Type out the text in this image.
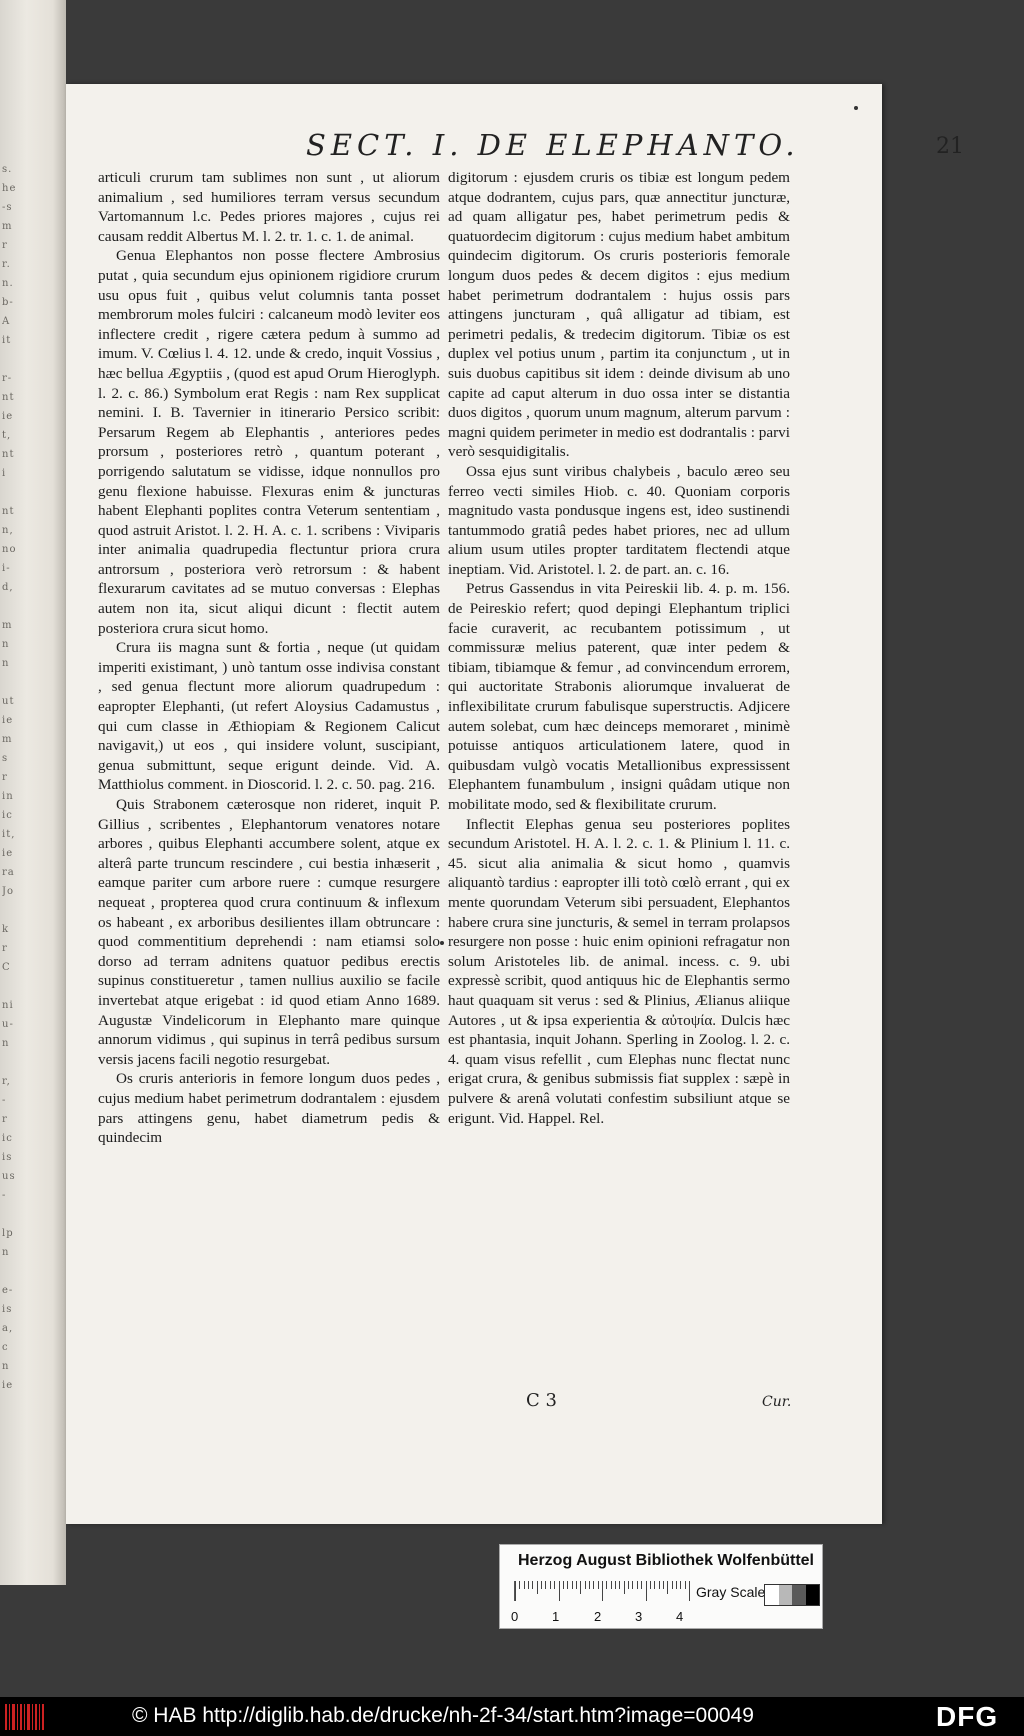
s.
he
-s
m
r
r.
n.
b-
A
it

r-
nt
ie
t,
nt
i

nt
n,
no
i-
d,

m
n
n

ut
ie
m
s
r
in
ic
it,
ie
ra
Jo

k
r
C

ni
u-
n

r,
-
r
ic
is
us
-

lp
n

e-
is
a,
c
n
ie
SECT. I. DE ELEPHANTO.	21

articuli crurum tam sublimes non sunt , ut aliorum animalium , sed humiliores terram versus secundum Vartomannum l.c. Pedes priores majores , cujus rei causam reddit Albertus M. l. 2. tr. 1. c. 1. de animal.

Genua Elephantos non posse flectere Ambrosius putat , quia secundum ejus opinionem rigidiore crurum usu opus fuit , quibus velut columnis tanta posset membrorum moles fulciri : calcaneum modò leviter eos inflectere credit , rigere cætera pedum à summo ad imum. V. Cœlius l. 4. 12. unde & credo, inquit Vossius , hæc bellua Ægyptiis , (quod est apud Orum Hieroglyph. l. 2. c. 86.) Symbolum erat Regis : nam Rex supplicat nemini. I. B. Tavernier in itinerario Persico scribit: Persarum Regem ab Elephantis , anteriores pedes prorsum , posteriores retrò , quantum poterant , porrigendo salutatum se vidisse, idque nonnullos pro genu flexione habuisse. Flexuras enim & juncturas habent Elephanti poplites contra Veterum sententiam , quod astruit Aristot. l. 2. H. A. c. 1. scribens : Viviparis inter animalia quadrupedia flectuntur priora crura antrorsum , posteriora verò retrorsum : & habent flexurarum cavitates ad se mutuo conversas : Elephas autem non ita, sicut aliqui dicunt : flectit autem posteriora crura sicut homo.

Crura iis magna sunt & fortia , neque (ut quidam imperiti existimant, ) unò tantum osse indivisa constant , sed genua flectunt more aliorum quadrupedum : eapropter Elephanti, (ut refert Aloysius Cadamustus , qui cum classe in Æthiopiam & Regionem Calicut navigavit,) ut eos , qui insidere volunt, suscipiant, genua submittunt, seque erigunt deinde. Vid. A. Matthiolus comment. in Dioscorid. l. 2. c. 50. pag. 216.

Quis Strabonem cæterosque non rideret, inquit P. Gillius , scribentes , Elephantorum venatores notare arbores , quibus Elephanti accumbere solent, atque ex alterâ parte truncum rescindere , cui bestia inhæserit , eamque pariter cum arbore ruere : cumque resurgere nequeat , propterea quod crura continuum & inflexum os habeant , ex arboribus desilientes illam obtruncare : quod commentitium deprehendi : nam etiamsi solo dorso ad terram adnitens quatuor pedibus erectis supinus constitueretur , tamen nullius auxilio se facile invertebat atque erigebat : id quod etiam Anno 1689. Augustæ Vindelicorum in Elephanto mare quinque annorum vidimus , qui supinus in terrâ pedibus sursum versis jacens facili negotio resurgebat.

Os cruris anterioris in femore longum duos pedes , cujus medium habet perimetrum dodrantalem : ejusdem pars attingens genu, habet diametrum pedis & quindecim

digitorum : ejusdem cruris os tibiæ est longum pedem atque dodrantem, cujus pars, quæ annectitur juncturæ, ad quam alligatur pes, habet perimetrum pedis & quatuordecim digitorum : cujus medium habet ambitum quindecim digitorum. Os cruris posterioris femorale longum duos pedes & decem digitos : ejus medium habet perimetrum dodrantalem : hujus ossis pars attingens juncturam , quâ alligatur ad tibiam, est perimetri pedalis, & tredecim digitorum. Tibiæ os est duplex vel potius unum , partim ita conjunctum , ut in suis duobus capitibus sit idem : deinde divisum ab uno capite ad caput alterum in duo ossa inter se distantia duos digitos , quorum unum magnum, alterum parvum : magni quidem perimeter in medio est dodrantalis : parvi verò sesquidigitalis.

Ossa ejus sunt viribus chalybeis , baculo æreo seu ferreo vecti similes Hiob. c. 40. Quoniam corporis magnitudo vasta pondusque ingens est, ideo sustinendi tantummodo gratiâ pedes habet priores, nec ad ullum alium usum utiles propter tarditatem flectendi atque ineptiam. Vid. Aristotel. l. 2. de part. an. c. 16.

Petrus Gassendus in vita Peireskii lib. 4. p. m. 156. de Peireskio refert; quod depingi Elephantum triplici facie curaverit, ac recubantem potissimum , ut commissuræ melius paterent, quæ inter pedem & tibiam, tibiamque & femur , ad convincendum errorem, qui auctoritate Strabonis aliorumque invaluerat de inflexibilitate crurum fabulisque superstructis. Adjicere autem solebat, cum hæc deinceps memoraret , minimè potuisse antiquos articulationem latere, quod in quibusdam vulgò vocatis Metallionibus expressissent Elephantem funambulum , insigni quâdam utique non mobilitate modo, sed & flexibilitate crurum.

Inflectit Elephas genua seu posteriores poplites secundum Aristotel. H. A. l. 2. c. 1. & Plinium l. 11. c. 45. sicut alia animalia & sicut homo , quamvis aliquantò tardius : eapropter illi totò cœlò errant , qui ex mente quorundam Veterum sibi persuadent, Elephantos habere crura sine juncturis, & semel in terram prolapsos resurgere non posse : huic enim opinioni refragatur non solum Aristoteles lib. de animal. incess. c. 9. ubi expressè scribit, quod antiquus hic de Elephantis sermo haut quaquam sit verus : sed & Plinius, Ælianus aliique Autores , ut & ipsa experientia & αὐτοψία. Dulcis hæc est phantasia, inquit Johann. Sperling in Zoolog. l. 2. c. 4. quam visus refellit , cum Elephas nunc flectat nunc erigat crura, & genibus submissis fiat supplex : sæpè in pulvere & arenâ volutati confestim subsiliunt atque se erigunt. Vid. Happel. Rel.

C 3	Cur.
Herzog August Bibliothek Wolfenbüttel
0	1	2	3	4
Gray Scale
© HAB http://diglib.hab.de/drucke/nh-2f-34/start.htm?image=00049	DFG
